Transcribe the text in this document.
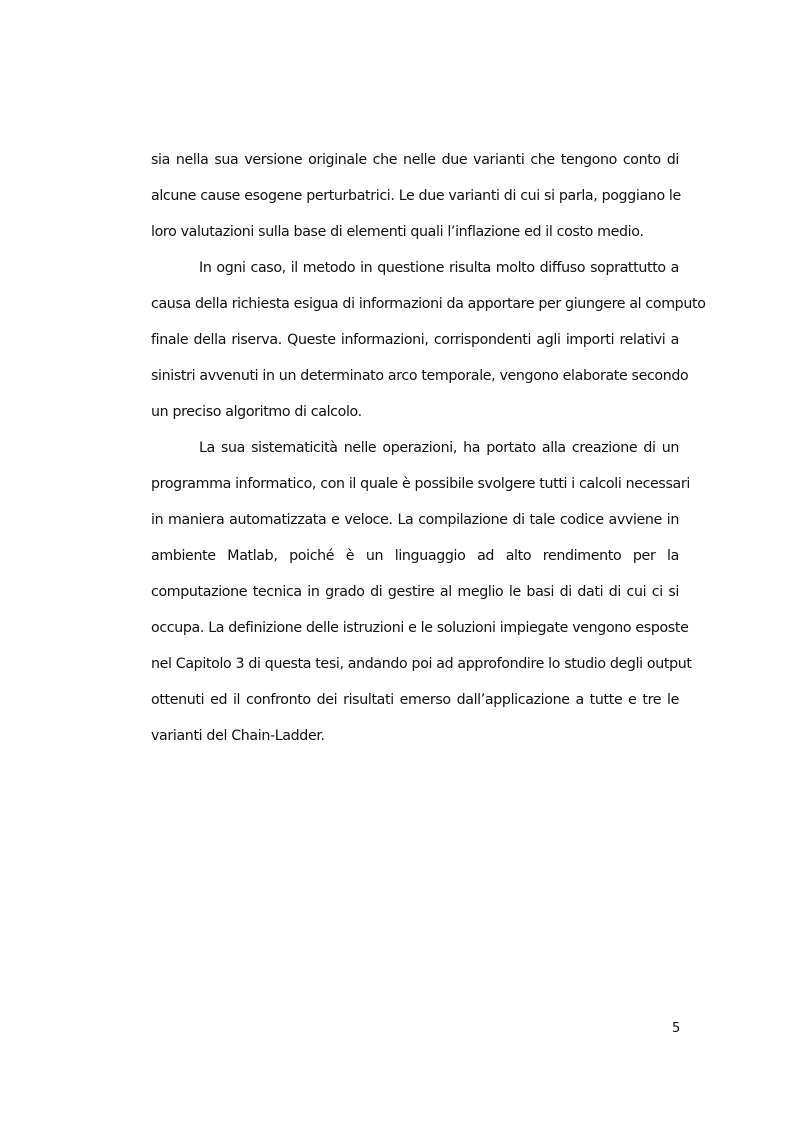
sia nella sua versione originale che nelle due varianti che tengono conto di
alcune cause esogene perturbatrici. Le due varianti di cui si parla, poggiano le
loro valutazioni sulla base di elementi quali l’inflazione ed il costo medio.
In ogni caso, il metodo in questione risulta molto diffuso soprattutto a
causa della richiesta esigua di informazioni da apportare per giungere al computo
finale della riserva. Queste informazioni, corrispondenti agli importi relativi a
sinistri avvenuti in un determinato arco temporale, vengono elaborate secondo
un preciso algoritmo di calcolo.
La sua sistematicità nelle operazioni, ha portato alla creazione di un
programma informatico, con il quale è possibile svolgere tutti i calcoli necessari
in maniera automatizzata e veloce. La compilazione di tale codice avviene in
ambiente Matlab, poiché è un linguaggio ad alto rendimento per la
computazione tecnica in grado di gestire al meglio le basi di dati di cui ci si
occupa. La definizione delle istruzioni e le soluzioni impiegate vengono esposte
nel Capitolo 3 di questa tesi, andando poi ad approfondire lo studio degli output
ottenuti ed il confronto dei risultati emerso dall’applicazione a tutte e tre le
varianti del Chain-Ladder.
5
